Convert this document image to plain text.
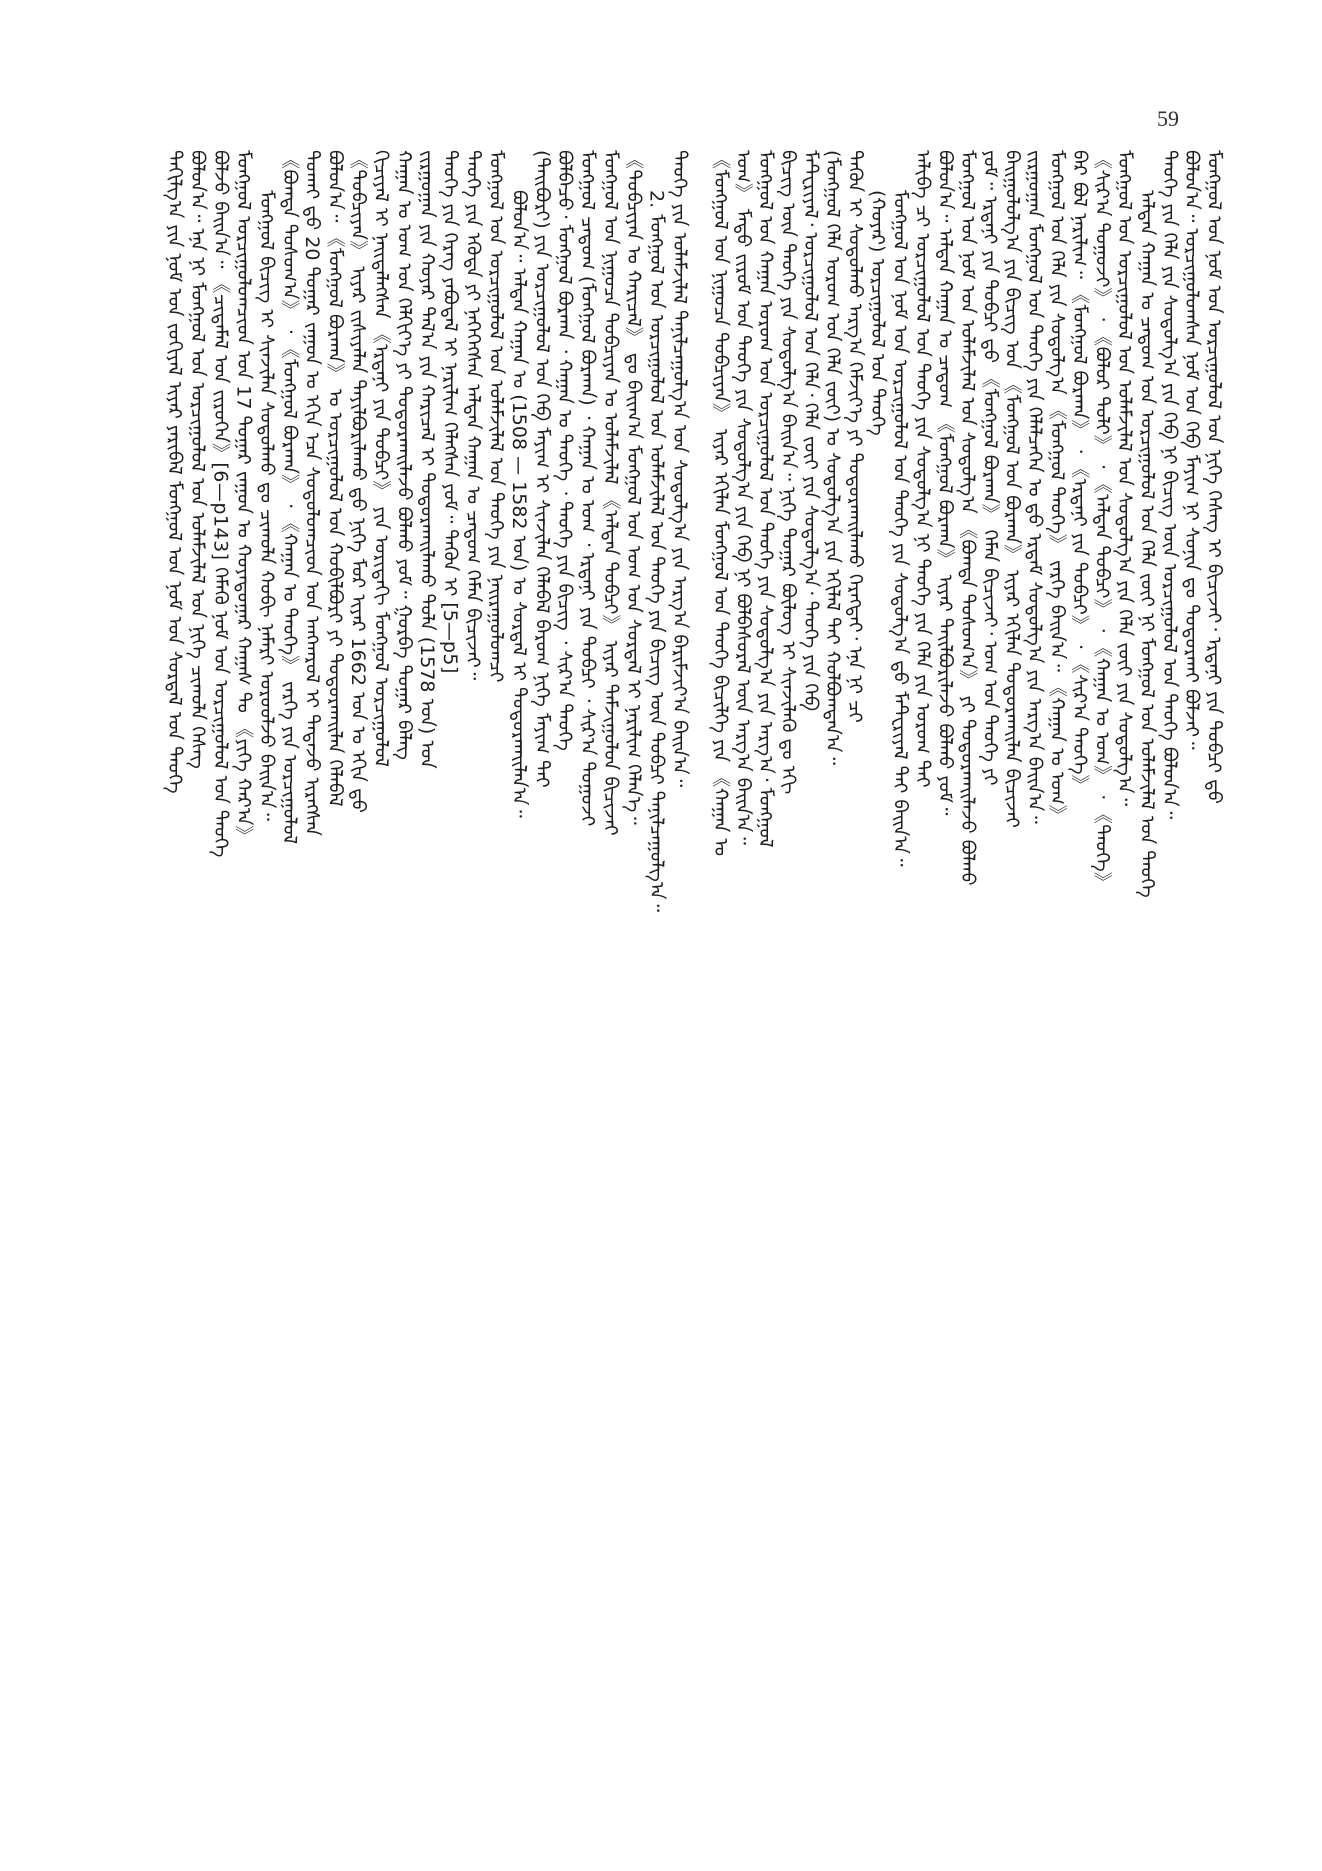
59
ᠲᠠᠬᠢᠯᠭ᠎ᠠ ᠶᠢᠨ ᠨᠣᠮ ᠤᠨ ᠵᠣᠬᠢᠶᠠᠯ ᠢᠶᠠᠷ ᠶᠠᠷᠢᠪᠠᠯ ᠮᠣᠩᠭᠣᠯ ᠤᠨ ᠨᠣᠮ ᠤᠨ ᠰᠤᠷᠲᠠᠯ ᠤᠨ ᠲᠡᠦᠬᠡ ᠪᠣᠯᠤᠨ᠎ᠠ᠃ ᠡᠨᠡ ᠨᠢ ᠮᠣᠩᠭᠣᠯ ᠤᠨ ᠣᠷᠴᠢᠭᠤᠯᠤᠯ ᠤᠨ ᠤᠯᠠᠮᠵᠢᠯᠠᠯ ᠤᠨ ᠨᠢᠭᠡ ᠴᠢᠬᠤᠯᠠ ᠬᠡᠰᠡᠭ ᠪᠣᠯᠵᠤ ᠪᠠᠢᠨ᠎ᠠ᠃ 《ᠴᠢᠳᠠᠮᠠᠯ ᠤᠨ ᠵᠢᠷᠦᠬᠡᠨ》[6—p143] ᠬᠡᠮᠡᠬᠦ ᠨᠣᠮ ᠤᠨ ᠣᠷᠴᠢᠭᠤᠯᠤᠯ ᠤᠨ ᠲᠡᠦᠬᠡ ᠮᠣᠩᠭᠣᠯ ᠣᠷᠴᠢᠭᠤᠯᠤᠭᠴᠢᠳ ᠤᠨ 17 ᠳᠤᠭᠠᠷ ᠵᠠᠭᠤᠨ ᠤ ᠬᠣᠶᠠᠳᠤᠭᠠᠷ ᠬᠠᠭᠠᠰ ᠲᠤ 《ᠶᠢᠭᠡ ᠬᠠᠷ᠎ᠠ》 ᠮᠣᠩᠭᠣᠯ ᠪᠢᠴᠢᠭ᠌ ᠢ ᠰᠢᠨᠵᠢᠯᠡᠨ ᠰᠤᠳᠤᠯᠬᠤ ᠳᠤ ᠴᠢᠬᠤᠯᠠ ᠬᠤᠪᠢ ᠨᠡᠮᠡᠷᠢ ᠣᠷᠤᠤᠯᠵᠤ ᠪᠠᠢᠨ᠎ᠠ᠃ 《ᠪᠣᠭᠳᠠ ᠲᠣᠰᠣᠭ᠎ᠠ》 ᠂ 《ᠮᠣᠩᠭᠣᠯ ᠪᠣᠷᠬᠠᠨ》 ᠂ 《ᠬᠠᠭᠠᠨ ᠤ ᠲᠡᠦᠬᠡ》 ᠵᠡᠷᠭᠡ ᠶᠢᠨ ᠣᠷᠴᠢᠭᠤᠯᠤᠯ ᠲᠤᠬᠠᠢ ᠳ᠋ᠤ 20 ᠳᠤᠭᠠᠷ ᠵᠠᠭᠤᠨ ᠤ ᠡᠬᠢᠨ ᠡᠴᠡ ᠰᠤᠳᠤᠯᠤᠭᠴᠢᠳ ᠤᠨ ᠠᠩᠬᠠᠷᠤᠯ ᠢ ᠲᠠᠲᠠᠵᠤ ᠢᠷᠡᠭᠰᠡᠨ ᠪᠣᠯᠤᠨ᠎ᠠ᠃ 《ᠮᠣᠩᠭᠣᠯ ᠪᠣᠷᠬᠠᠨ》 ᠤ ᠣᠷᠴᠢᠭᠤᠯᠤᠯ ᠤᠨ ᠬᠤᠪᠢᠯᠪᠤᠷᠢ ᠶᠢ ᠲᠣᠳᠤᠷᠬᠠᠢᠯᠠᠨ ᠬᠡᠯᠡᠪᠡᠯ 《ᠲᠣᠪᠴᠢᠶᠠᠨ》 ᠢᠶᠠᠷ ᠵᠢᠱᠢᠶᠡᠯᠡᠨ ᠲᠠᠶᠢᠯᠪᠤᠷᠢᠯᠠᠬᠤ ᠳ᠋ᠤ ᠨᠢᠭᠡ ᠮᠤᠷ ᠢᠶᠠᠷ 1662 ᠣᠨ ᠤ ᠡᠬᠢᠨ ᠳ᠋ᠤ ᠬᠢᠴᠢᠶᠡᠯ ᠢ ᠨᠡᠢᠲᠡᠯᠡᠭᠰᠡᠨ 《ᠡᠷᠳᠡᠨᠢ ᠶᠢᠨ ᠲᠣᠪᠴᠢ》 ᠶᠢᠨ ᠤᠷᠢᠳᠠᠬᠢ ᠮᠣᠩᠭᠣᠯ ᠣᠷᠴᠢᠭᠤᠯᠤᠯ ᠬᠠᠭᠠᠨ ᠤ ᠤᠭ ᠤᠨ ᠬᠡᠯᠬᠢᠶ᠎ᠡ ᠶᠢ ᠲᠣᠳᠤᠷᠬᠠᠢᠯᠠᠵᠤ ᠪᠣᠯᠬᠤ ᠶᠤᠮ᠃ ᠭᠤᠷᠪᠠ ᠳᠤᠭᠠᠷ ᠪᠡᠯᠡᠭ ᠵᠢᠷᠭᠤᠭᠠᠨ ᠶᠢᠨ ᠬᠣᠶᠠᠷ ᠲᠠᠯ᠎ᠠ ᠶᠢᠨ ᠬᠠᠷᠢᠴᠠᠯ ᠢ ᠲᠣᠳᠤᠷᠬᠠᠢᠯᠠᠬᠤ ᠲᠤᠯᠠ (1578 ᠣᠨ) ᠤᠨ ᠲᠡᠦᠬᠡ ᠶᠢᠨ ᠬᠡᠷᠡᠭ ᠶᠠᠪᠤᠳᠠᠯ ᠢ ᠨᠠᠷᠢᠯᠢᠭ ᠬᠡᠯᠡᠭᠰᠡᠨ ᠶᠤᠮ᠃ ᠲᠡᠭᠦᠨ ᠢ [5—p5] ᠲᠡᠦᠬᠡ ᠶᠢᠨ ᠡᠭᠦᠳᠡ ᠶᠢ ᠨᠡᠭᠡᠭᠡᠭᠰᠡᠨ ᠠᠯᠲᠠᠨ ᠬᠠᠭᠠᠨ ᠤ ᠴᠠᠳᠤᠭ ᠬᠡᠮᠡᠨ ᠪᠢᠴᠢᠵᠡᠢ᠃ ᠮᠣᠩᠭᠣᠯ ᠤᠨ ᠣᠷᠴᠢᠭᠤᠯᠤᠯ ᠤᠨ ᠤᠯᠠᠮᠵᠢᠯᠠᠯ ᠤᠨ ᠲᠡᠦᠬᠡ ᠶᠢᠨ ᠨᠠᠢᠷᠠᠭᠤᠯᠤᠭᠴᠢ ᠪᠣᠯᠤᠨ᠎ᠠ᠃ ᠠᠯᠲᠠᠨ ᠬᠠᠭᠠᠨ ᠤ (1508 — 1582 ᠣᠨ) ᠤ ᠰᠤᠷᠲᠠᠯ ᠢ ᠲᠣᠳᠤᠷᠬᠠᠢᠯᠠᠨ᠎ᠠ᠃ (ᠲᠠᠢᠪᠤᠷᠢ) ᠶᠢᠨ ᠣᠷᠴᠢᠭᠤᠯᠤᠯ ᠤᠨ ᠬᠡᠪ ᠮᠠᠶᠢᠭ ᠢ ᠰᠢᠨᠵᠢᠯᠡᠨ ᠬᠡᠯᠡᠪᠡᠯ ᠪᠠᠷᠤᠭ ᠨᠢᠭᠡ ᠮᠠᠶᠢᠭ ᠲᠠᠢ ᠪᠣᠯᠪᠠᠴᠤ᠂ ᠮᠣᠩᠭᠣᠯ ᠪᠣᠷᠬᠠᠨ ᠂ ᠬᠠᠭᠠᠨ ᠤ ᠲᠡᠦᠬᠡ ᠂ ᠲᠡᠦᠬᠡ ᠶᠢᠨ ᠪᠢᠴᠢᠭ᠌ ᠂ ᠰᠢᠷ᠎ᠠ ᠲᠡᠦᠬᠡ ᠮᠣᠩᠭᠣᠯ ᠴᠠᠳᠤᠭ (ᠮᠣᠩᠭᠣᠯ ᠪᠣᠷᠬᠠᠨ) ᠂ ᠬᠠᠭᠠᠨ ᠤ ᠤᠭ ᠂ ᠡᠷᠳᠡᠨᠢ ᠶᠢᠨ ᠲᠣᠪᠴᠢ ᠂ ᠰᠢᠷ᠎ᠠ ᠲᠣᠭᠤᠵᠢ ᠮᠣᠩᠭᠣᠯ ᠤᠨ ᠨᠢᠭᠤᠴᠠ ᠲᠣᠪᠴᠢᠶᠠᠨ ᠤ ᠤᠯᠠᠮᠵᠢᠯᠠᠯ 《ᠠᠯᠲᠠᠨ ᠲᠣᠪᠴᠢ》 ᠢᠶᠠᠷ ᠳᠠᠮᠵᠢᠭᠤᠯᠤᠨ ᠪᠢᠴᠢᠵᠡᠢ 《ᠲᠣᠪᠴᠢᠶᠠᠨ ᠤ ᠬᠠᠷᠢᠴᠠᠯ》 ᠳᠤ ᠪᠠᠢᠭ᠎ᠠ ᠮᠣᠩᠭᠣᠯ ᠤᠨ ᠤᠭ ᠤᠨ ᠰᠤᠷᠲᠠᠯ ᠢ ᠨᠠᠷᠢᠯᠢᠭ ᠬᠡᠯᠡᠨ᠎ᠡ᠃ 2. ᠮᠣᠩᠭᠣᠯ ᠤᠨ ᠣᠷᠴᠢᠭᠤᠯᠤᠯ ᠤᠨ ᠤᠯᠠᠮᠵᠢᠯᠠᠯ ᠤᠨ ᠲᠡᠦᠬᠡ ᠶᠢᠨ ᠪᠢᠴᠢᠭ᠌ ᠦᠨ ᠲᠣᠪᠴᠢ ᠲᠠᠨᠢᠯᠴᠠᠭᠤᠯᠭ᠎ᠠ᠃ ᠲᠡᠦᠬᠡ ᠶᠢᠨ ᠤᠯᠠᠮᠵᠢᠯᠠᠯ ᠲᠠᠨᠢᠯᠴᠠᠭᠤᠯᠭ᠎ᠠ ᠤᠨ ᠰᠤᠳᠤᠯᠭ᠎ᠠ ᠶᠢᠨ ᠠᠷᠭ᠎ᠠ ᠪᠠᠷᠢᠮᠵᠢᠶ᠎ᠠ ᠪᠠᠢᠨ᠎ᠠ᠃ 《ᠮᠣᠩᠭᠣᠯ ᠤᠨ ᠨᠢᠭᠤᠴᠠ ᠲᠣᠪᠴᠢᠶᠠᠨ》 ᠢᠶᠠᠷ ᠡᠬᠢᠯᠡᠨ ᠮᠣᠩᠭᠣᠯ ᠤᠨ ᠲᠡᠦᠬᠡ ᠪᠢᠴᠢᠯᠭᠡ ᠶᠢᠨ 《ᠬᠠᠭᠠᠨ ᠤ ᠤᠭ》 ᠮᠠᠲᠤ ᠵᠢᠷᠦᠮ ᠤᠨ ᠲᠡᠦᠬᠡ ᠶᠢᠨ ᠰᠤᠳᠤᠯᠭ᠎ᠠ ᠶᠢᠨ ᠬᠡᠪ ᠨᠢ ᠪᠣᠯᠪᠠᠰᠤᠷᠠᠯ ᠦᠨ ᠠᠷᠭ᠎ᠠ ᠪᠠᠢᠨ᠎ᠠ᠃ ᠮᠣᠩᠭᠣᠯ ᠤᠨ ᠬᠠᠭᠠᠨ ᠤᠷᠤᠭ ᠤᠨ ᠣᠷᠴᠢᠭᠤᠯᠤᠯ ᠤᠨ ᠲᠡᠦᠬᠡ ᠶᠢᠨ ᠰᠤᠳᠤᠯᠭ᠎ᠠ ᠶᠢᠨ ᠠᠷᠭ᠎ᠠ᠂ ᠮᠣᠩᠭᠣᠯ ᠪᠢᠴᠢᠭ᠌ ᠦᠨ ᠲᠡᠦᠬᠡ ᠶᠢᠨ ᠰᠤᠳᠤᠯᠭ᠎ᠠ ᠪᠠᠢᠨ᠎ᠠ᠃ ᠨᠢᠭᠡ ᠳᠤᠭᠠᠷ ᠪᠦᠯᠦᠭ ᠢ ᠰᠢᠨᠵᠢᠯᠡᠬᠦ ᠳᠤ ᠡᠬᠢ ᠮᠠᠲᠧᠷᠢᠶᠠᠯ᠂ ᠣᠷᠴᠢᠭᠤᠯᠤᠯ ᠤᠨ ᠬᠡᠯᠡ᠂ ᠬᠡᠯᠡ ᠵᠦᠢ ᠶᠢᠨ ᠰᠤᠳᠤᠯᠭ᠎ᠠ᠂ ᠲᠡᠦᠬᠡ ᠶᠢᠨ ᠬᠡᠪ (ᠮᠣᠩᠭᠣᠯ ᠬᠡᠯᠡ ᠤᠷᠤᠭ ᠤᠨ ᠬᠡᠯᠡ ᠵᠦᠢ) ᠤ ᠰᠤᠳᠤᠯᠭ᠎ᠠ ᠶᠢᠨ ᠡᠬᠢᠯᠡᠯ ᠲᠠᠢ ᠬᠣᠯᠪᠣᠭᠳᠠᠨ᠎ᠠ᠃ ᠲᠡᠭᠦᠨ ᠢ ᠰᠤᠳᠤᠯᠬᠤ ᠠᠷᠭ᠎ᠠ ᠬᠡᠮᠵᠢᠶ᠎ᠡ ᠶᠢ ᠲᠣᠳᠤᠷᠬᠠᠢᠯᠠᠬᠤ ᠬᠡᠷᠡᠭᠲᠡᠢ᠂ ᠡᠨᠡ ᠨᠢ ᠴᠢ (ᠬᠣᠶᠠᠷ) ᠣᠷᠴᠢᠭᠤᠯᠤᠯ ᠤᠨ ᠲᠡᠦᠬᠡ ᠮᠣᠩᠭᠣᠯ ᠤᠨ ᠨᠣᠮ ᠤᠨ ᠣᠷᠴᠢᠭᠤᠯᠤᠯ ᠤᠨ ᠲᠡᠦᠬᠡ ᠶᠢᠨ ᠰᠤᠳᠤᠯᠭ᠎ᠠ ᠳ᠋ᠤ ᠮᠠᠲᠧᠷᠢᠶᠠᠯ ᠲᠠᠢ ᠪᠠᠢᠨ᠎ᠠ᠃ ᠠᠯᠢᠪᠠ ᠴᠢ ᠣᠷᠴᠢᠭᠤᠯᠤᠯ ᠤᠨ ᠲᠡᠦᠬᠡ ᠶᠢᠨ ᠰᠤᠳᠤᠯᠭ᠎ᠠ ᠨᠢ ᠲᠡᠦᠬᠡ ᠶᠢᠨ ᠬᠡᠯᠡ ᠶᠢᠨ ᠤᠷᠤᠭ ᠲᠠᠢ ᠪᠣᠯᠤᠨ᠎ᠠ᠃ ᠠᠯᠲᠠᠨ ᠬᠠᠭᠠᠨ ᠤ ᠴᠠᠳᠤᠭ 《ᠮᠣᠩᠭᠣᠯ ᠪᠣᠷᠬᠠᠨ》 ᠢᠶᠠᠷ ᠲᠠᠢᠯᠪᠤᠷᠢᠯᠠᠵᠤ ᠪᠣᠯᠬᠤ ᠶᠤᠮ᠃ ᠮᠣᠩᠭᠣᠯ ᠤᠨ ᠨᠣᠮ ᠤᠨ ᠤᠯᠠᠮᠵᠢᠯᠠᠯ ᠤᠨ ᠰᠤᠳᠤᠯᠭ᠎ᠠ 《ᠪᠣᠭᠳᠠ ᠲᠣᠰᠣᠭ᠎ᠠ》 ᠶᠢ ᠲᠣᠳᠤᠷᠬᠠᠢᠯᠠᠵᠤ ᠪᠣᠯᠬᠤ ᠶᠤᠮ᠃ ᠡᠷᠳᠡᠨᠢ ᠶᠢᠨ ᠲᠣᠪᠴᠢ ᠳ᠋ᠤ 《ᠮᠣᠩᠭᠣᠯ ᠪᠣᠷᠬᠠᠨ》 ᠬᠡᠮᠡᠨ ᠪᠢᠴᠢᠵᠡᠢ᠂ ᠤᠭ ᠤᠨ ᠲᠡᠦᠬᠡ ᠶᠢ ᠪᠠᠢᠭᠤᠯᠤᠯᠭ᠎ᠠ ᠶᠢᠨ ᠪᠢᠴᠢᠭ᠌ ᠤᠨ 《ᠮᠣᠩᠭᠣᠯ ᠤᠨ ᠪᠣᠷᠬᠠᠨ》 ᠢᠶᠠᠷ ᠡᠬᠢᠯᠡᠨ ᠲᠣᠳᠤᠷᠬᠠᠢᠯᠠᠨ ᠪᠢᠴᠢᠵᠡᠢ ᠵᠢᠷᠭᠤᠭᠠᠨ ᠮᠣᠩᠭᠣᠯ ᠤᠨ ᠲᠡᠦᠬᠡ ᠶᠢᠨ ᠬᠡᠯᠡᠯᠴᠡᠭᠡᠨ ᠤ ᠳ᠋ᠤ ᠡᠷᠳᠡᠮ ᠰᠤᠳᠤᠯᠭ᠎ᠠ ᠶᠢᠨ ᠠᠷᠭ᠎ᠠ ᠪᠠᠢᠨ᠎ᠠ᠃ ᠮᠣᠩᠭᠣᠯ ᠤᠨ ᠬᠡᠯᠡ ᠶᠢᠨ ᠰᠤᠳᠤᠯᠭ᠎ᠠ 《ᠮᠣᠩᠭᠣᠯ ᠲᠡᠦᠬᠡ》 ᠵᠡᠷᠭᠡ ᠪᠠᠢᠨ᠎ᠠ᠃ 《ᠬᠠᠭᠠᠨ ᠤ ᠤᠭ》 ᠪᠡᠷ ᠪᠣᠯ ᠨᠠᠷᠢᠯᠢᠭ᠃ 《ᠮᠣᠩᠭᠣᠯ ᠪᠣᠷᠬᠠᠨ》 ᠂ 《ᠡᠷᠳᠡᠨᠢ ᠶᠢᠨ ᠲᠣᠪᠴᠢ》 ᠂ 《ᠰᠢᠷ᠎ᠠ ᠲᠡᠦᠬᠡ》 《ᠰᠢᠷ᠎ᠠ ᠲᠣᠭᠤᠵᠢ》 ᠂ 《ᠪᠣᠯᠣᠷ ᠲᠣᠯᠢ》 ᠂ 《ᠠᠯᠲᠠᠨ ᠲᠣᠪᠴᠢ》 ᠂ 《ᠬᠠᠭᠠᠨ ᠤ ᠤᠭ》 ᠂ 《ᠲᠡᠦᠬᠡ》 ᠮᠣᠩᠭᠣᠯ ᠤᠨ ᠣᠷᠴᠢᠭᠤᠯᠤᠯ ᠤᠨ ᠤᠯᠠᠮᠵᠢᠯᠠᠯ ᠤᠨ ᠰᠤᠳᠤᠯᠭ᠎ᠠ ᠶᠢᠨ ᠬᠡᠯᠡ ᠵᠦᠢ ᠶᠢᠨ ᠰᠤᠳᠤᠯᠭ᠎ᠠ᠃ ᠠᠯᠲᠠᠨ ᠬᠠᠭᠠᠨ ᠤ ᠴᠠᠳᠤᠭ ᠤᠨ ᠣᠷᠴᠢᠭᠤᠯᠤᠯ ᠤᠨ ᠬᠡᠯᠡ ᠵᠦᠢ ᠨᠢ ᠮᠣᠩᠭᠣᠯ ᠤᠨ ᠤᠯᠠᠮᠵᠢᠯᠠᠯ ᠤᠨ ᠲᠡᠦᠬᠡ ᠲᠡᠦᠬᠡ ᠶᠢᠨ ᠬᠡᠯᠡ ᠶᠢᠨ ᠰᠤᠳᠤᠯᠭ᠎ᠠ ᠶᠢᠨ ᠬᠡᠪ ᠨᠢ ᠪᠢᠴᠢᠭ᠌ ᠦᠨ ᠣᠷᠴᠢᠭᠤᠯᠤᠯ ᠤᠨ ᠲᠡᠦᠬᠡ ᠪᠣᠯᠤᠨ᠎ᠠ᠃ ᠪᠣᠯᠤᠨ᠎ᠠ᠃ ᠣᠷᠴᠢᠭᠤᠯᠤᠭᠰᠠᠨ ᠨᠣᠮ ᠤᠨ ᠬᠡᠪ ᠮᠠᠶᠢᠭ ᠨᠢ ᠰᠣᠨᠢᠨ ᠳᠤ ᠲᠣᠳᠤᠷᠬᠠᠢ ᠪᠣᠯᠵᠠᠢ᠃ ᠮᠣᠩᠭᠣᠯ ᠤᠨ ᠨᠣᠮ ᠤᠨ ᠣᠷᠴᠢᠭᠤᠯᠤᠯ ᠤᠨ ᠨᠢᠭᠡ ᠬᠡᠰᠡᠭ ᠢ ᠪᠢᠴᠢᠵᠡᠢ᠂ ᠡᠷᠳᠡᠨᠢ ᠶᠢᠨ ᠲᠣᠪᠴᠢ ᠳ᠋ᠤ
